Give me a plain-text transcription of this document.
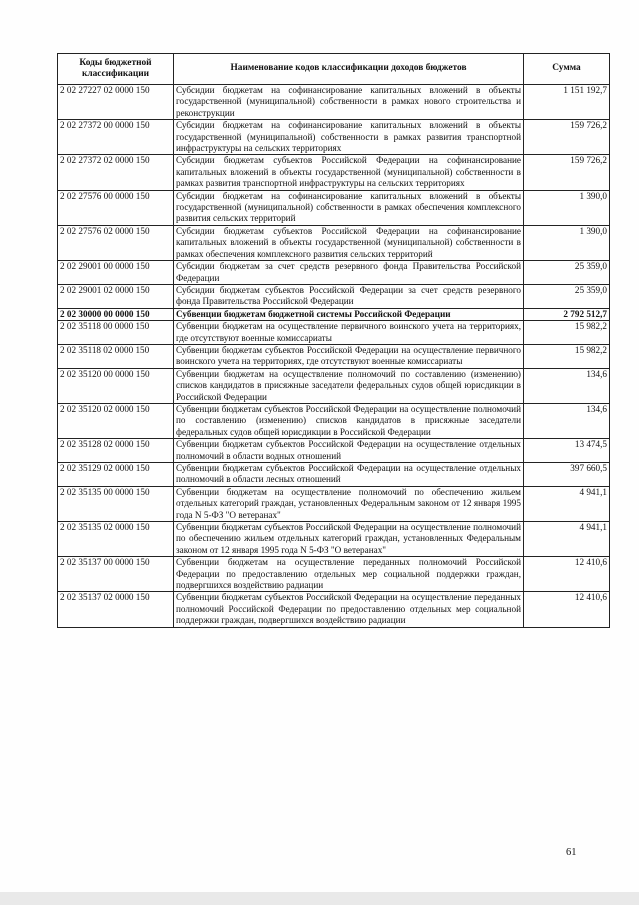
Коды бюджетной классификации	Наименование кодов классификации доходов бюджетов	Сумма
2 02 27227 02 0000 150	Субсидии бюджетам на софинансирование капитальных вложений в объекты государственной (муниципальной) собственности в рамках нового строительства и реконструкции	1 151 192,7
2 02 27372 00 0000 150	Субсидии бюджетам на софинансирование капитальных вложений в объекты государственной (муниципальной) собственности в рамках развития транспортной инфраструктуры на сельских территориях	159 726,2
2 02 27372 02 0000 150	Субсидии бюджетам субъектов Российской Федерации на софинансирование капитальных вложений в объекты государственной (муниципальной) собственности в рамках развития транспортной инфраструктуры на сельских территориях	159 726,2
2 02 27576 00 0000 150	Субсидии бюджетам на софинансирование капитальных вложений в объекты государственной (муниципальной) собственности в рамках обеспечения комплексного развития сельских территорий	1 390,0
2 02 27576 02 0000 150	Субсидии бюджетам субъектов Российской Федерации на софинансирование капитальных вложений в объекты государственной (муниципальной) собственности в рамках обеспечения комплексного развития сельских территорий	1 390,0
2 02 29001 00 0000 150	Субсидии бюджетам за счет средств резервного фонда Правительства Российской Федерации	25 359,0
2 02 29001 02 0000 150	Субсидии бюджетам субъектов Российской Федерации за счет средств резервного фонда Правительства Российской Федерации	25 359,0
2 02 30000 00 0000 150	Субвенции бюджетам бюджетной системы Российской Федерации	2 792 512,7
2 02 35118 00 0000 150	Субвенции бюджетам на осуществление первичного воинского учета на территориях, где отсутствуют военные комиссариаты	15 982,2
2 02 35118 02 0000 150	Субвенции бюджетам субъектов Российской Федерации на осуществление первичного воинского учета на территориях, где отсутствуют военные комиссариаты	15 982,2
2 02 35120 00 0000 150	Субвенции бюджетам на осуществление полномочий по составлению (изменению) списков кандидатов в присяжные заседатели федеральных судов общей юрисдикции в Российской Федерации	134,6
2 02 35120 02 0000 150	Субвенции бюджетам субъектов Российской Федерации на осуществление полномочий по составлению (изменению) списков кандидатов в присяжные заседатели федеральных судов общей юрисдикции в Российской Федерации	134,6
2 02 35128 02 0000 150	Субвенции бюджетам субъектов Российской Федерации на осуществление отдельных полномочий в области водных отношений	13 474,5
2 02 35129 02 0000 150	Субвенции бюджетам субъектов Российской Федерации на осуществление отдельных полномочий в области лесных отношений	397 660,5
2 02 35135 00 0000 150	Субвенции бюджетам на осуществление полномочий по обеспечению жильем отдельных категорий граждан, установленных Федеральным законом от 12 января 1995 года N 5-ФЗ "О ветеранах"	4 941,1
2 02 35135 02 0000 150	Субвенции бюджетам субъектов Российской Федерации на осуществление полномочий по обеспечению жильем отдельных категорий граждан, установленных Федеральным законом от 12 января 1995 года N 5-ФЗ "О ветеранах"	4 941,1
2 02 35137 00 0000 150	Субвенции бюджетам на осуществление переданных полномочий Российской Федерации по предоставлению отдельных мер социальной поддержки граждан, подвергшихся воздействию радиации	12 410,6
2 02 35137 02 0000 150	Субвенции бюджетам субъектов Российской Федерации на осуществление переданных полномочий Российской Федерации по предоставлению отдельных мер социальной поддержки граждан, подвергшихся воздействию радиации	12 410,6
61
